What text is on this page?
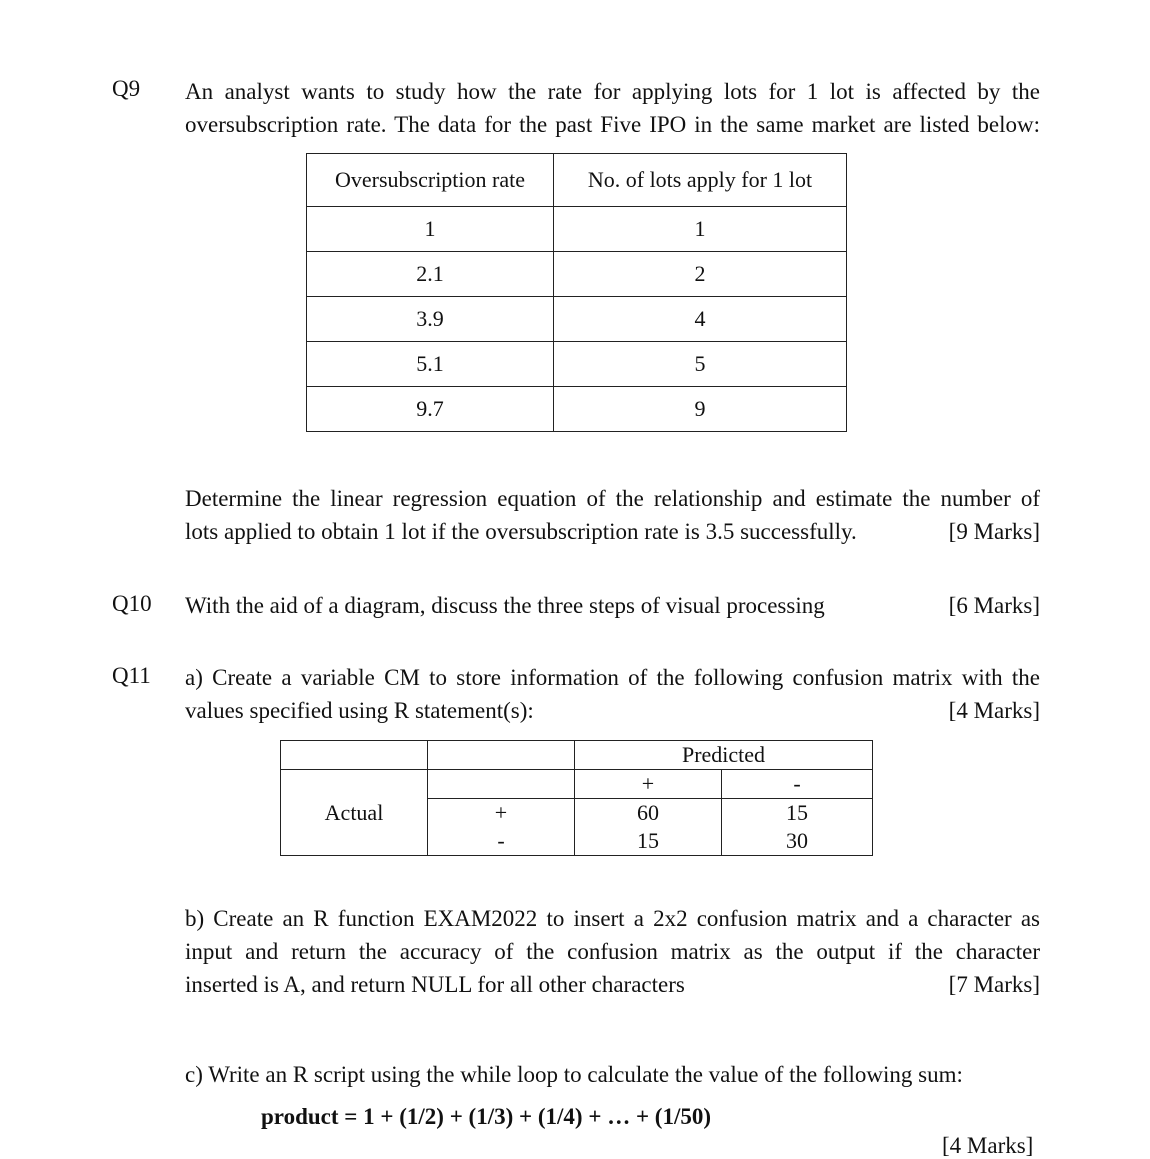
Q9 An analyst wants to study how the rate for applying lots for 1 lot is affected by the
oversubscription rate. The data for the past Five IPO in the same market are listed below:
Oversubscription rate	No. of lots apply for 1 lot
1	1
2.1	2
3.9	4
5.1	5
9.7	9
Determine the linear regression equation of the relationship and estimate the number of
lots applied to obtain 1 lot if the oversubscription rate is 3.5 successfully.	[9 Marks]
Q10 With the aid of a diagram, discuss the three steps of visual processing	[6 Marks]
Q11 a) Create a variable CM to store information of the following confusion matrix with the
values specified using R statement(s):	[4 Marks]
		Predicted	
Actual		+	-
	+	60	15
	-	15	30
b) Create an R function EXAM2022 to insert a 2x2 confusion matrix and a character as
input and return the accuracy of the confusion matrix as the output if the character
inserted is A, and return NULL for all other characters	[7 Marks]
c) Write an R script using the while loop to calculate the value of the following sum:
product = 1 + (1/2) + (1/3) + (1/4) + … + (1/50)
[4 Marks]
